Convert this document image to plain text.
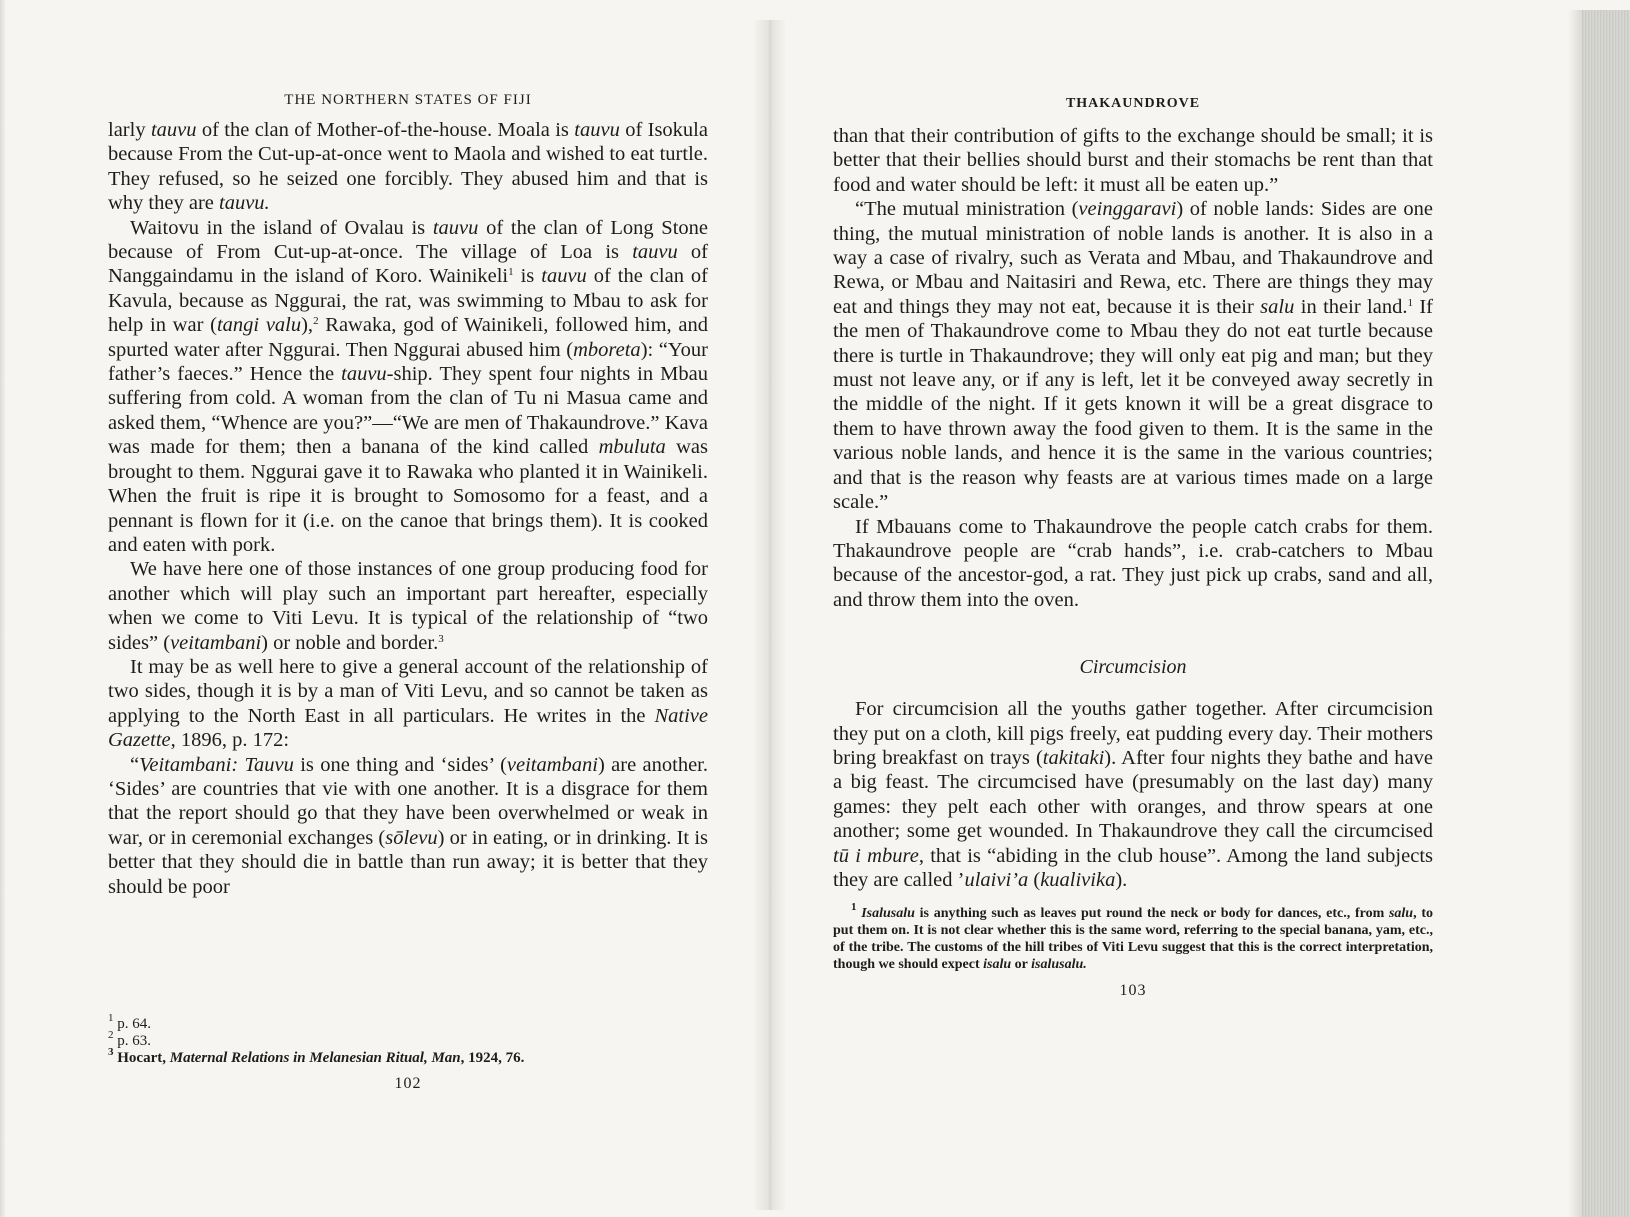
THE NORTHERN STATES OF FIJI

larly tauvu of the clan of Mother-of-the-house. Moala is tauvu of Isokula because From the Cut-up-at-once went to Maola and wished to eat turtle. They refused, so he seized one forcibly. They abused him and that is why they are tauvu.

Waitovu in the island of Ovalau is tauvu of the clan of Long Stone because of From Cut-up-at-once. The village of Loa is tauvu of Nanggaindamu in the island of Koro. Wainikeli$^1$ is tauvu of the clan of Kavula, because as Nggurai, the rat, was swimming to Mbau to ask for help in war (tangi valu),$^2$ Rawaka, god of Wainikeli, followed him, and spurted water after Nggurai. Then Nggurai abused him (mboreta): “Your father’s faeces.” Hence the tauvu-ship. They spent four nights in Mbau suffering from cold. A woman from the clan of Tu ni Masua came and asked them, “Whence are you?”—“We are men of Thakaundrove.” Kava was made for them; then a banana of the kind called mbuluta was brought to them. Nggurai gave it to Rawaka who planted it in Wainikeli. When the fruit is ripe it is brought to Somosomo for a feast, and a pennant is flown for it (i.e. on the canoe that brings them). It is cooked and eaten with pork.

We have here one of those instances of one group producing food for another which will play such an important part hereafter, especially when we come to Viti Levu. It is typical of the relationship of “two sides” (veitambani) or noble and border.$^3$

It may be as well here to give a general account of the relationship of two sides, though it is by a man of Viti Levu, and so cannot be taken as applying to the North East in all particulars. He writes in the Native Gazette, 1896, p. 172:

“Veitambani: Tauvu is one thing and ‘sides’ (veitambani) are another. ‘Sides’ are countries that vie with one another. It is a disgrace for them that the report should go that they have been overwhelmed or weak in war, or in ceremonial exchanges (sōlevu) or in eating, or in drinking. It is better that they should die in battle than run away; it is better that they should be poor

$^1$ p. 64.
$^2$ p. 63.
$^3$ Hocart, Maternal Relations in Melanesian Ritual, Man, 1924, 76.
102
THAKAUNDROVE

than that their contribution of gifts to the exchange should be small; it is better that their bellies should burst and their stomachs be rent than that food and water should be left: it must all be eaten up.”

“The mutual ministration (veinggaravi) of noble lands: Sides are one thing, the mutual ministration of noble lands is another. It is also in a way a case of rivalry, such as Verata and Mbau, and Thakaundrove and Rewa, or Mbau and Naitasiri and Rewa, etc. There are things they may eat and things they may not eat, because it is their salu in their land.$^1$ If the men of Thakaundrove come to Mbau they do not eat turtle because there is turtle in Thakaundrove; they will only eat pig and man; but they must not leave any, or if any is left, let it be conveyed away secretly in the middle of the night. If it gets known it will be a great disgrace to them to have thrown away the food given to them. It is the same in the various noble lands, and hence it is the same in the various countries; and that is the reason why feasts are at various times made on a large scale.”

If Mbauans come to Thakaundrove the people catch crabs for them. Thakaundrove people are “crab hands”, i.e. crab-catchers to Mbau because of the ancestor-god, a rat. They just pick up crabs, sand and all, and throw them into the oven.

Circumcision

For circumcision all the youths gather together. After circumcision they put on a cloth, kill pigs freely, eat pudding every day. Their mothers bring breakfast on trays (takitaki). After four nights they bathe and have a big feast. The circumcised have (presumably on the last day) many games: they pelt each other with oranges, and throw spears at one another; some get wounded. In Thakaundrove they call the circumcised tū i mbure, that is “abiding in the club house”. Among the land subjects they are called ’ulaivi’a (kualivika).

$^1$ Isalusalu is anything such as leaves put round the neck or body for dances, etc., from salu, to put them on. It is not clear whether this is the same word, referring to the special banana, yam, etc., of the tribe. The customs of the hill tribes of Viti Levu suggest that this is the correct interpretation, though we should expect isalu or isalusalu.

103
